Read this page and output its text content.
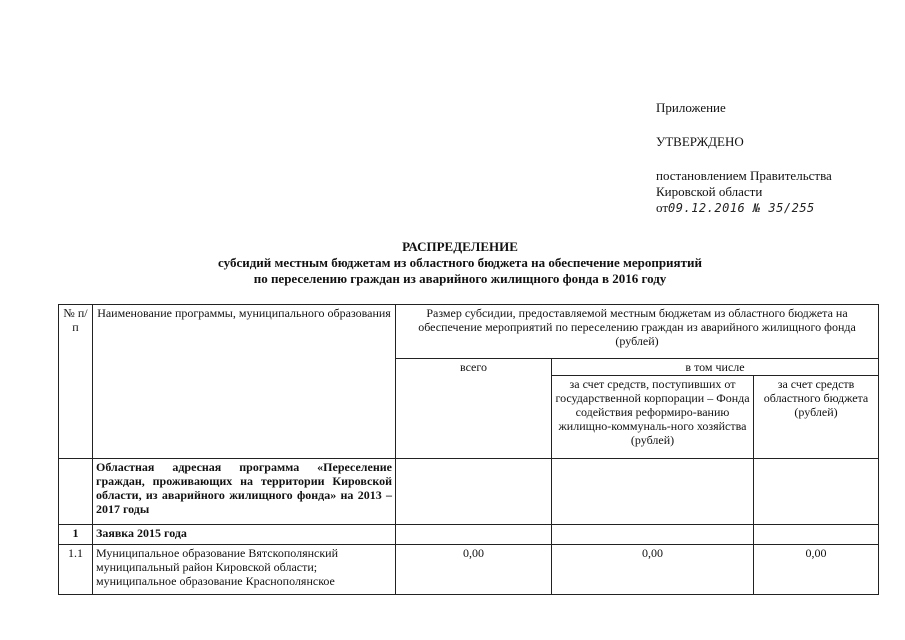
Приложение
УТВЕРЖДЕНО
постановлением Правительства
Кировской области
от09.12.2016 № 35/255
РАСПРЕДЕЛЕНИЕ
субсидий местным бюджетам из областного бюджета на обеспечение мероприятий
по переселению граждан из аварийного жилищного фонда в 2016 году
№ п/п	Наименование программы, муниципального образования	Размер субсидии, предоставляемой местным бюджетам из областного бюджета на обеспечение мероприятий по переселению граждан из аварийного жилищного фонда (рублей)		
		всего	в том числе	
			за счет средств, поступивших от государственной корпорации – Фонда содействия реформиро-ванию жилищно-коммуналь-ного хозяйства (рублей)	за счет средств областного бюджета (рублей)
	Областная адресная программа «Переселение граждан, проживающих на территории Кировской области, из аварийного жилищного фонда» на 2013 – 2017 годы			
1	Заявка 2015 года			
1.1	Муниципальное образование Вятскополянский муниципальный район Кировской области; муниципальное образование Краснополянское	0,00	0,00	0,00
